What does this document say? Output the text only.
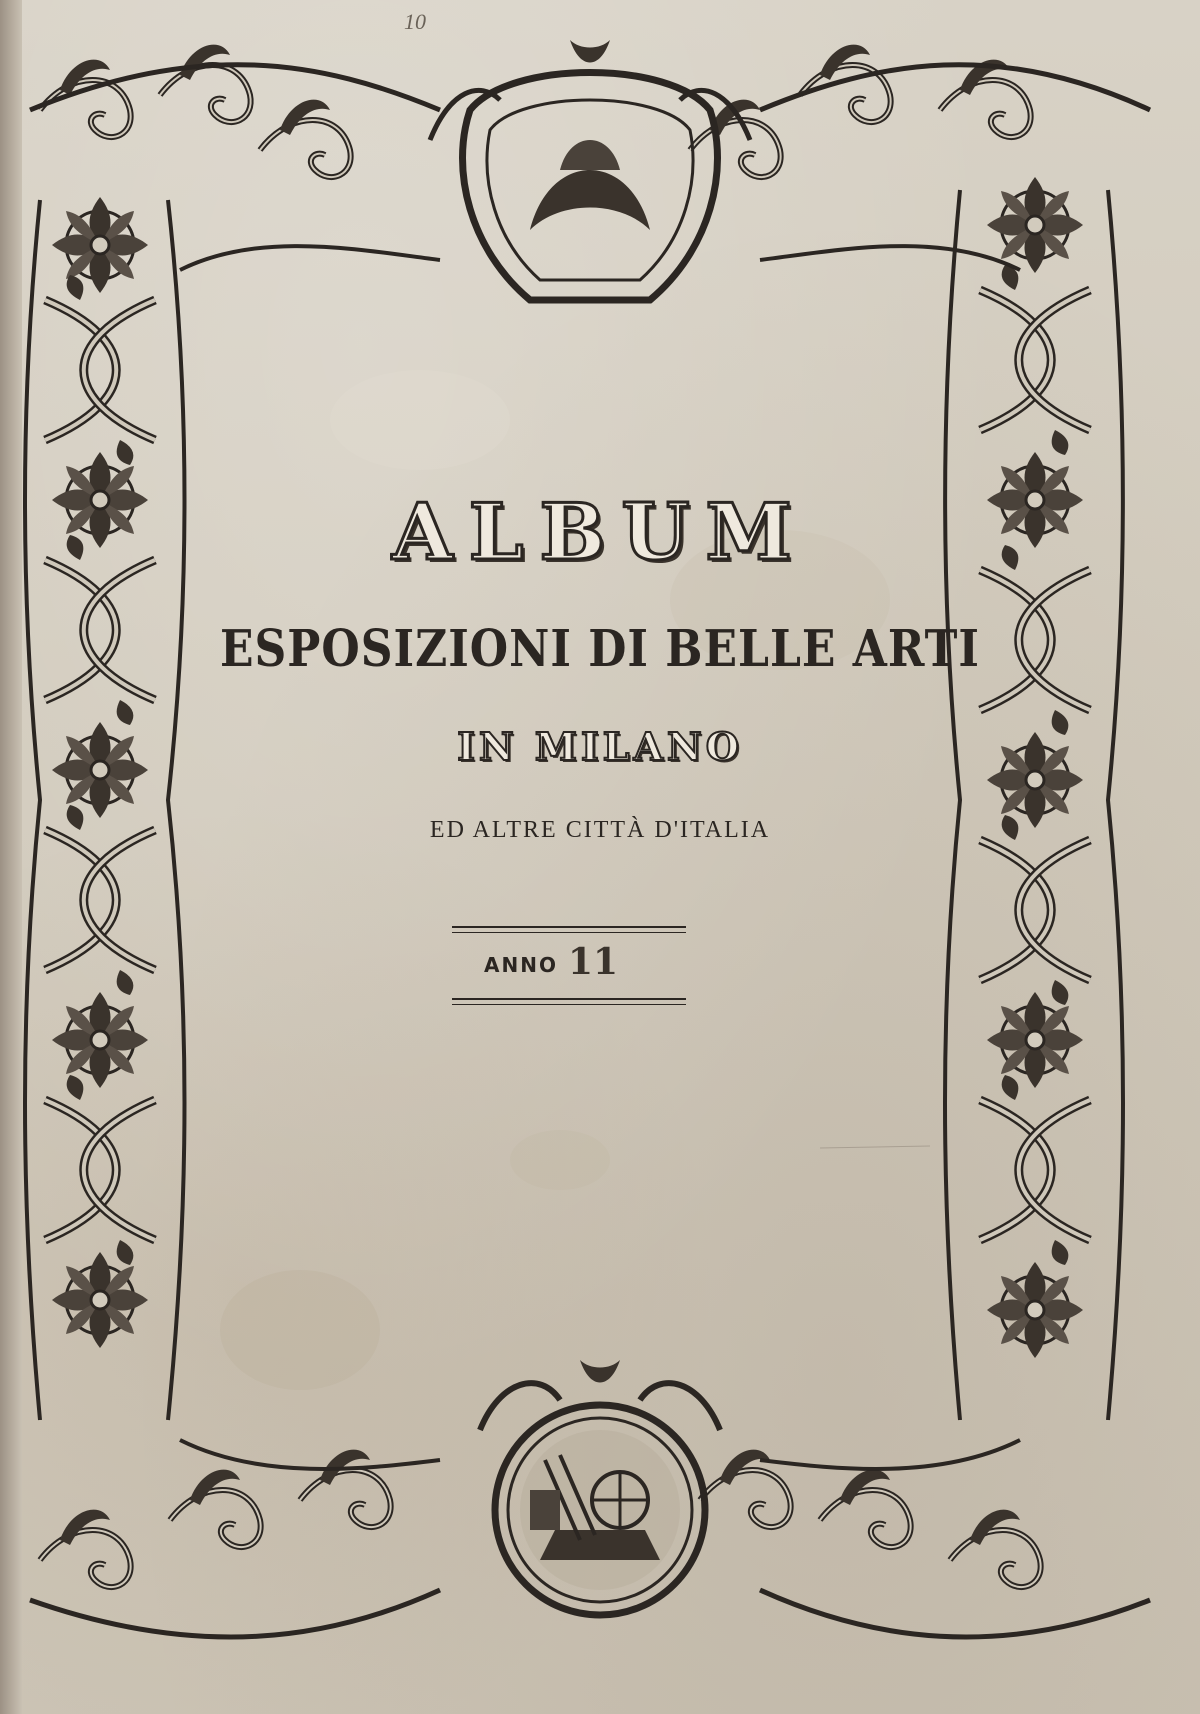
10
ALBUM
ESPOSIZIONI DI BELLE ARTI
IN MILANO
ED ALTRE CITTÀ D'ITALIA
ANNO 11
